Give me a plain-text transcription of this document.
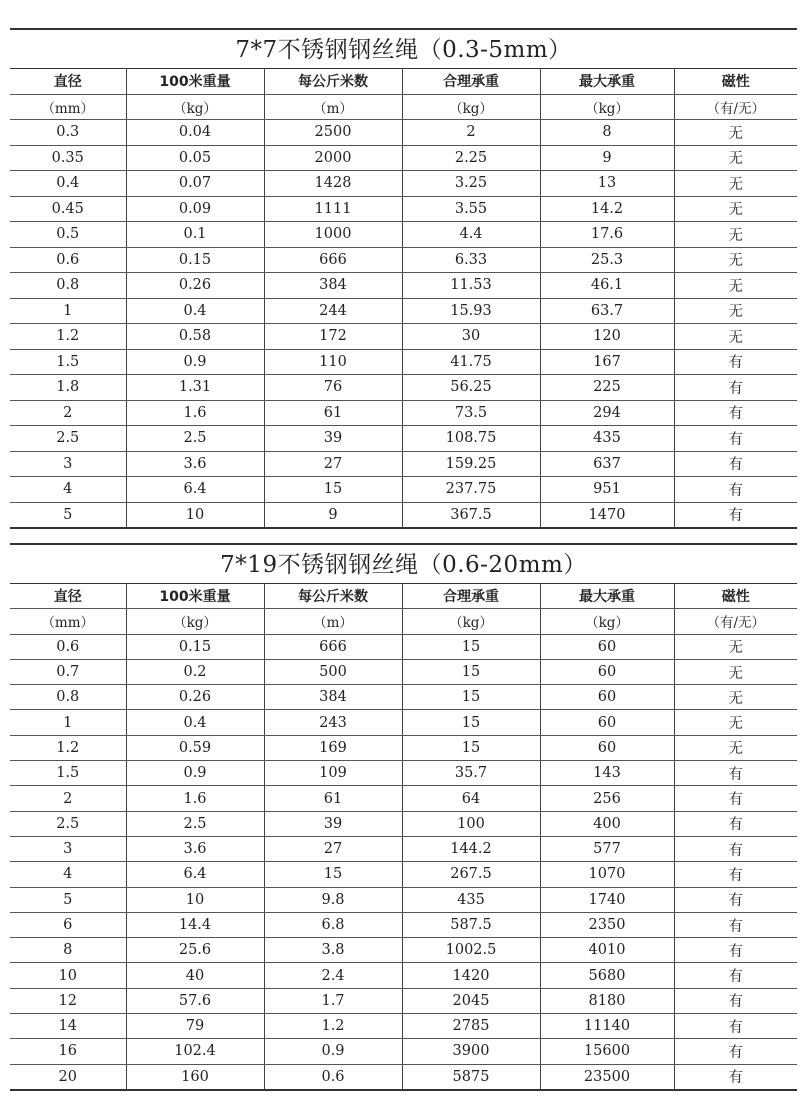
7*7不锈钢钢丝绳（0.3-5mm）
直径	100米重量	每公斤米数	合理承重	最大承重	磁性
（mm）	（kg）	（m）	（kg）	（kg）	（有/无）
0.3	0.04	2500	2	8	无
0.35	0.05	2000	2.25	9	无
0.4	0.07	1428	3.25	13	无
0.45	0.09	1111	3.55	14.2	无
0.5	0.1	1000	4.4	17.6	无
0.6	0.15	666	6.33	25.3	无
0.8	0.26	384	11.53	46.1	无
1	0.4	244	15.93	63.7	无
1.2	0.58	172	30	120	无
1.5	0.9	110	41.75	167	有
1.8	1.31	76	56.25	225	有
2	1.6	61	73.5	294	有
2.5	2.5	39	108.75	435	有
3	3.6	27	159.25	637	有
4	6.4	15	237.75	951	有
5	10	9	367.5	1470	有
7*19不锈钢钢丝绳（0.6-20mm）
直径	100米重量	每公斤米数	合理承重	最大承重	磁性
（mm）	（kg）	（m）	（kg）	（kg）	（有/无）
0.6	0.15	666	15	60	无
0.7	0.2	500	15	60	无
0.8	0.26	384	15	60	无
1	0.4	243	15	60	无
1.2	0.59	169	15	60	无
1.5	0.9	109	35.7	143	有
2	1.6	61	64	256	有
2.5	2.5	39	100	400	有
3	3.6	27	144.2	577	有
4	6.4	15	267.5	1070	有
5	10	9.8	435	1740	有
6	14.4	6.8	587.5	2350	有
8	25.6	3.8	1002.5	4010	有
10	40	2.4	1420	5680	有
12	57.6	1.7	2045	8180	有
14	79	1.2	2785	11140	有
16	102.4	0.9	3900	15600	有
20	160	0.6	5875	23500	有
